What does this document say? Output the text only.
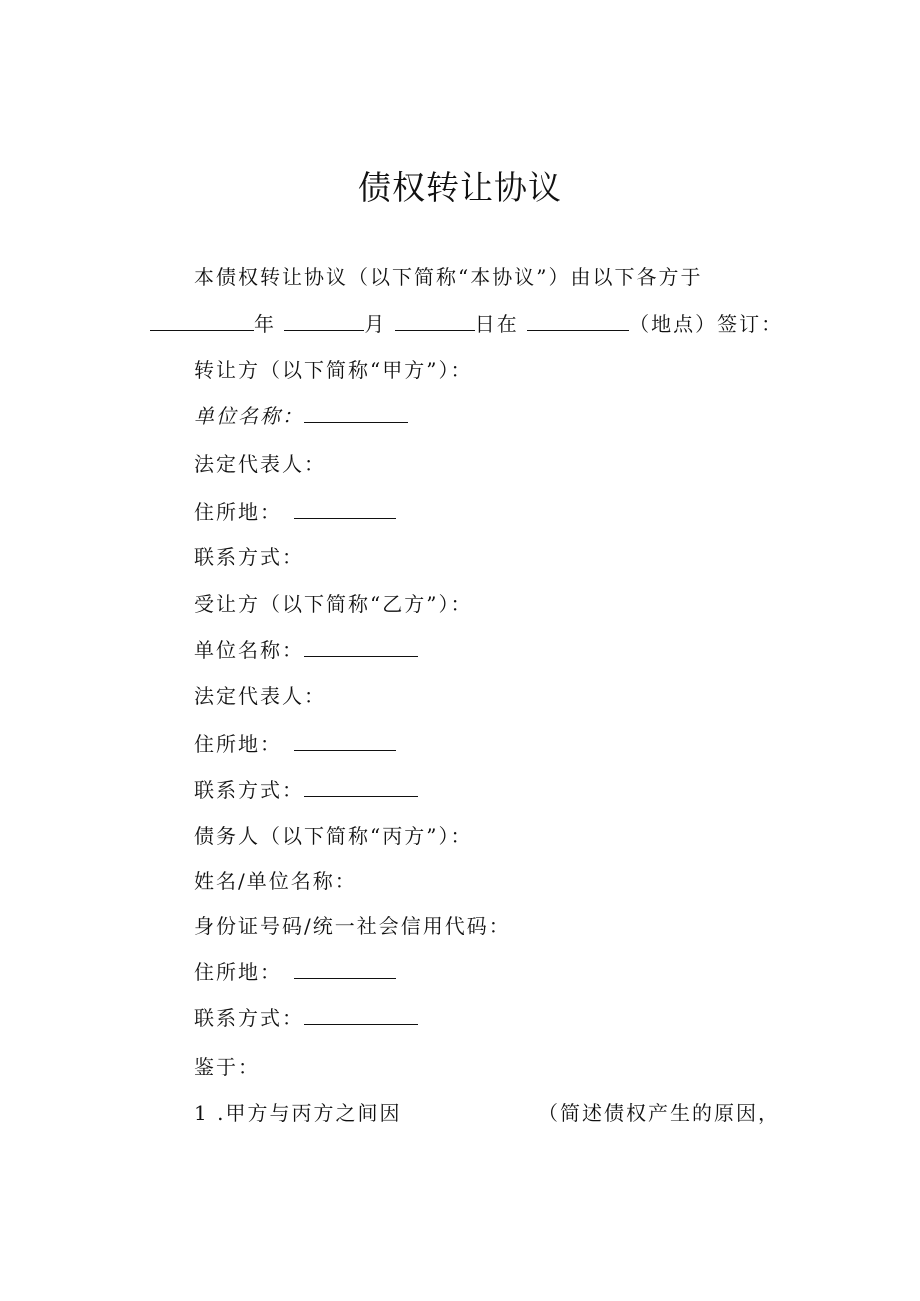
债权转让协议
本债权转让协议（以下简称“本协议”）由以下各方于
年	月	日在	（地点）签订：
转让方（以下简称“甲方”）：
单位名称：
法定代表人：
住所地：
联系方式：
受让方（以下简称“乙方”）：
单位名称：
法定代表人：
住所地：
联系方式：
债务人（以下简称“丙方”）：
姓名/单位名称：
身份证号码/统一社会信用代码：
住所地：
联系方式：
鉴于：
1 .甲方与丙方之间因	（简述债权产生的原因，
